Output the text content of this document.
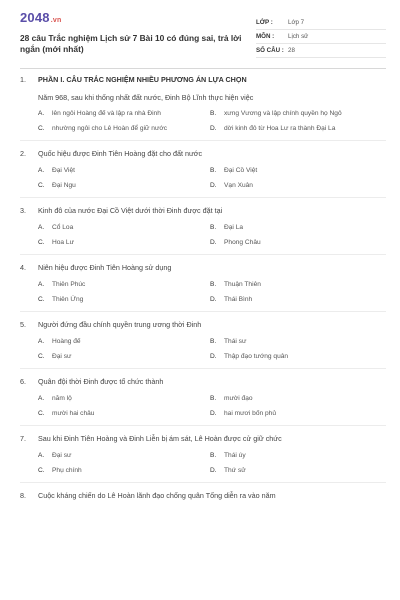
2048.vn
28 câu Trắc nghiệm Lịch sử 7 Bài 10 có đúng sai, trả lời ngắn (mới nhất)
LỚP :	Lớp 7
MÔN :	Lịch sử
SỐ CÂU : 28
1.	PHẦN I. CÂU TRẮC NGHIỆM NHIỀU PHƯƠNG ÁN LỰA CHỌN
Năm 968, sau khi thống nhất đất nước, Đinh Bộ Lĩnh thực hiện việc
A.	lên ngôi Hoàng đế và lập ra nhà Đinh	B.	xưng Vương và lập chính quyền họ Ngô
C.	nhường ngôi cho Lê Hoàn để giữ nước	D.	dời kinh đô từ Hoa Lư ra thành Đại La
2.	Quốc hiệu được Đinh Tiên Hoàng đặt cho đất nước
A.	Đại Việt	B.	Đại Cồ Việt
C.	Đại Ngu	D.	Vạn Xuân
3.	Kinh đô của nước Đại Cồ Việt dưới thời Đinh được đặt tại
A.	Cổ Loa	B.	Đại La
C.	Hoa Lư	D.	Phong Châu
4.	Niên hiệu được Đinh Tiên Hoàng sử dụng
A.	Thiên Phúc	B.	Thuận Thiên
C.	Thiên Ứng	D.	Thái Bình
5.	Người đứng đầu chính quyền trung ương thời Đinh
A.	Hoàng đế	B.	Thái sư
C.	Đại sư	D.	Thập đạo tướng quân
6.	Quân đội thời Đinh được tổ chức thành
A.	năm lộ	B.	mười đạo
C.	mười hai châu	D.	hai mươi bốn phủ
7.	Sau khi Đinh Tiên Hoàng và Đinh Liễn bị ám sát, Lê Hoàn được cử giữ chức
A.	Đại sư	B.	Thái úy
C.	Phụ chính	D.	Thứ sử
8.	Cuộc kháng chiến do Lê Hoàn lãnh đạo chống quân Tống diễn ra vào năm
